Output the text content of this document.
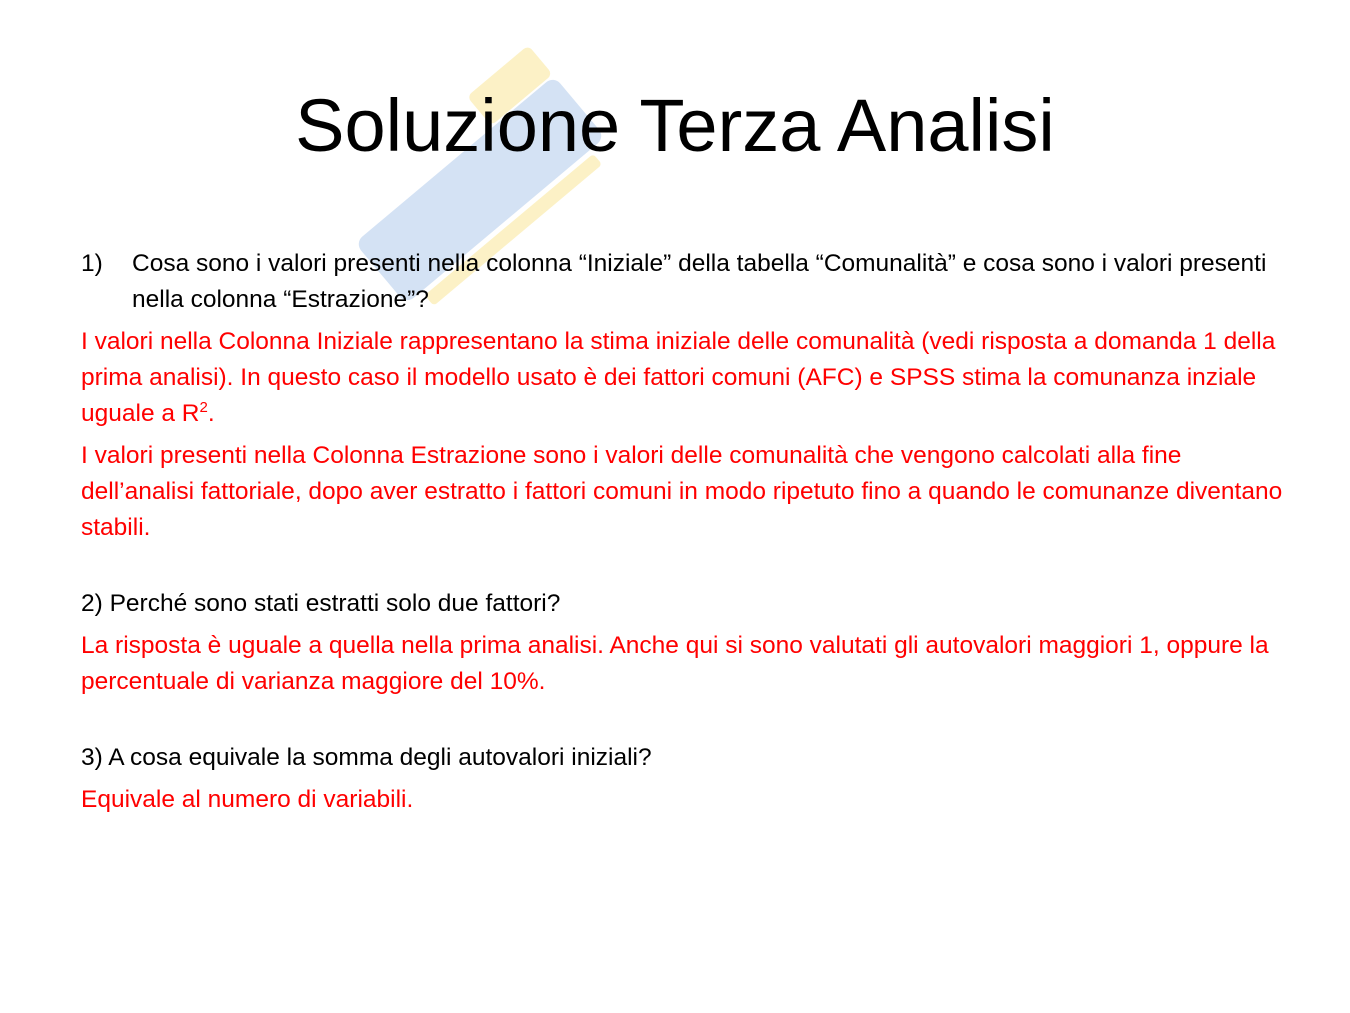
Soluzione Terza Analisi
1)	Cosa sono i valori presenti nella colonna “Iniziale” della tabella “Comunalità” e cosa sono i valori presenti nella colonna “Estrazione”?

I valori nella Colonna Iniziale rappresentano la stima iniziale delle comunalità (vedi risposta a domanda 1 della prima analisi). In questo caso il modello usato è dei fattori comuni (AFC) e SPSS stima la comunanza inziale uguale a $R^2$.

I valori presenti nella Colonna Estrazione sono i valori delle comunalità che vengono calcolati alla fine dell’analisi fattoriale, dopo aver estratto i fattori comuni in modo ripetuto fino a quando le comunanze diventano stabili.

2) Perché sono stati estratti solo due fattori?

La risposta è uguale a quella nella prima analisi. Anche qui si sono valutati gli autovalori maggiori 1, oppure la percentuale di varianza maggiore del 10%.

3) A cosa equivale la somma degli autovalori iniziali?

Equivale al numero di variabili.
